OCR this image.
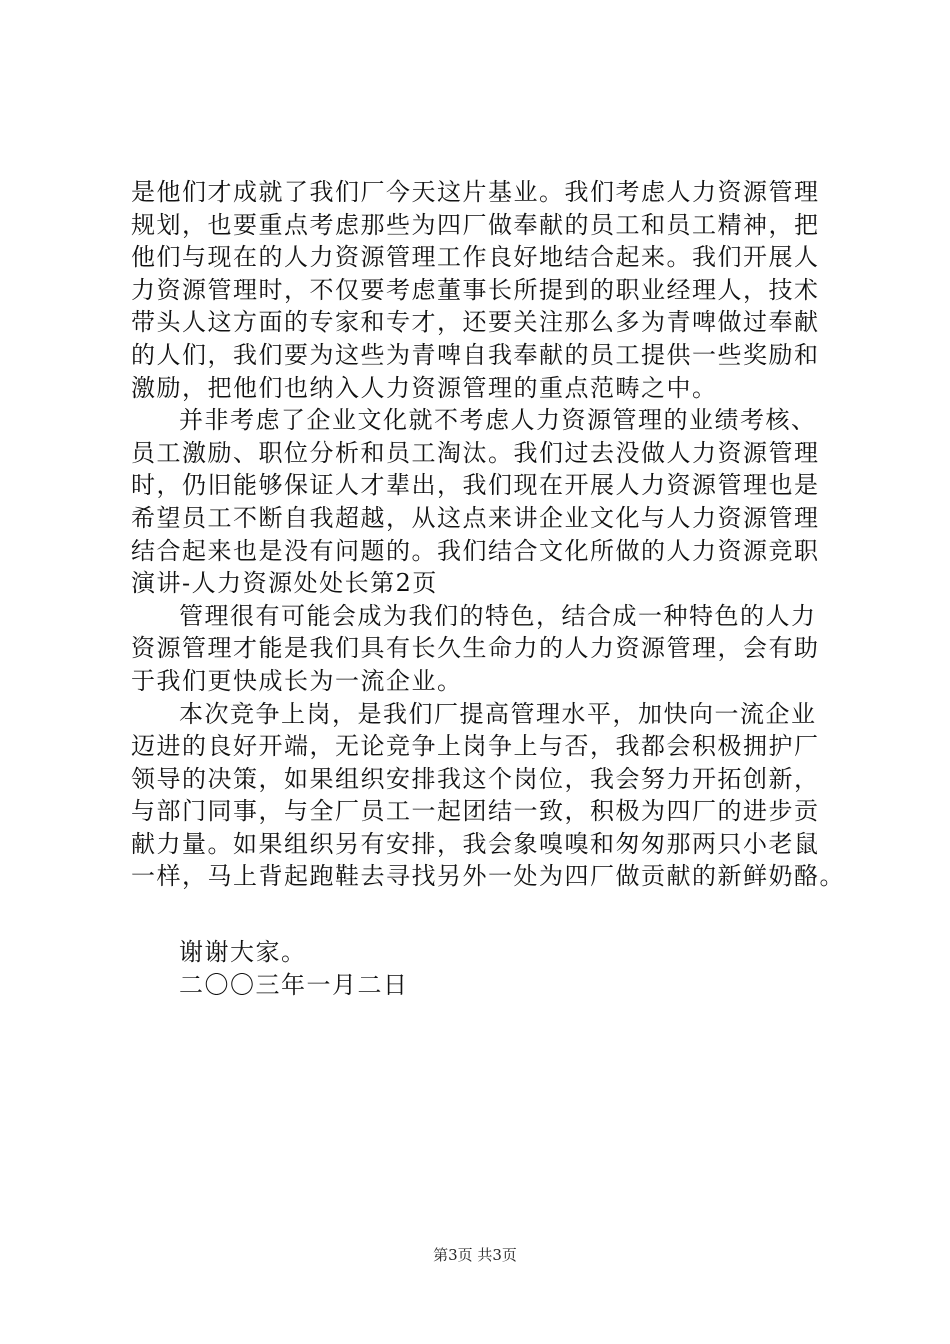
是他们才成就了我们厂今天这片基业。我们考虑人力资源管理
规划，也要重点考虑那些为四厂做奉献的员工和员工精神，把
他们与现在的人力资源管理工作良好地结合起来。我们开展人
力资源管理时，不仅要考虑董事长所提到的职业经理人，技术
带头人这方面的专家和专才，还要关注那么多为青啤做过奉献
的人们，我们要为这些为青啤自我奉献的员工提供一些奖励和
激励，把他们也纳入人力资源管理的重点范畴之中。
并非考虑了企业文化就不考虑人力资源管理的业绩考核、
员工激励、职位分析和员工淘汰。我们过去没做人力资源管理
时，仍旧能够保证人才辈出，我们现在开展人力资源管理也是
希望员工不断自我超越，从这点来讲企业文化与人力资源管理
结合起来也是没有问题的。我们结合文化所做的人力资源竞职
演讲-人力资源处处长第2页
管理很有可能会成为我们的特色，结合成一种特色的人力
资源管理才能是我们具有长久生命力的人力资源管理，会有助
于我们更快成长为一流企业。
本次竞争上岗，是我们厂提高管理水平，加快向一流企业
迈进的良好开端，无论竞争上岗争上与否，我都会积极拥护厂
领导的决策，如果组织安排我这个岗位，我会努力开拓创新，
与部门同事，与全厂员工一起团结一致，积极为四厂的进步贡
献力量。如果组织另有安排，我会象嗅嗅和匆匆那两只小老鼠
一样，马上背起跑鞋去寻找另外一处为四厂做贡献的新鲜奶酪。
谢谢大家。
二〇〇三年一月二日
第3页 共3页
